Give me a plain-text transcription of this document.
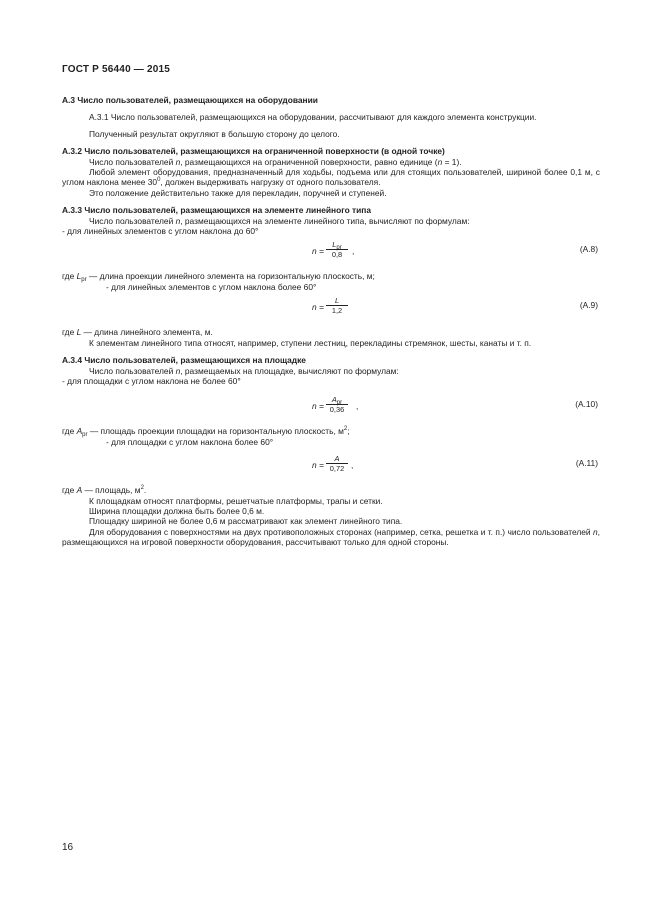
ГОСТ Р 56440 — 2015

А.3 Число пользователей, размещающихся на оборудовании

А.3.1 Число пользователей, размещающихся на оборудовании, рассчитывают для каждого элемента конструкции.

Полученный результат округляют в большую сторону до целого.

А.3.2 Число пользователей, размещающихся на ограниченной поверхности (в одной точке)

Число пользователей n, размещающихся на ограниченной поверхности, равно единице (n = 1).

Любой элемент оборудования, предназначенный для ходьбы, подъема или для стоящих пользователей, шириной более 0,1 м, с углом наклона менее $30^0$, должен выдерживать нагрузку от одного пользователя.

Это положение действительно также для перекладин, поручней и ступеней.

А.3.3 Число пользователей, размещающихся на элементе линейного типа

Число пользователей n, размещающихся на элементе линейного типа, вычисляют по формулам:

- для линейных элементов с углом наклона до 60°

n =
$L_{pr}$
0,8	,	(А.8)

где $L_{pr}$ — длина проекции линейного элемента на горизонтальную плоскость, м;

- для линейных элементов с углом наклона более 60°

$n = \frac{L}{1,2}$	(А.9)

где L — длина линейного элемента, м.

К элементам линейного типа относят, например, ступени лестниц, перекладины стремянок, шесты, канаты и т. п.

А.3.4 Число пользователей, размещающихся на площадке

Число пользователей n, размещаемых на площадке, вычисляют по формулам:

- для площадки с углом наклона не более 60°

n =
$A_{pr}$
0,36	,	(А.10)

где $A_{pr}$ — площадь проекции площадки на горизонтальную плоскость, $м^2$;

- для площадки с углом наклона более 60°

$n = \frac{A}{0,72}$ ,	(А.11)

где A — площадь, $м^2$.

К площадкам относят платформы, решетчатые платформы, трапы и сетки.

Ширина площадки должна быть более 0,6 м.

Площадку шириной не более 0,6 м рассматривают как элемент линейного типа.

Для оборудования с поверхностями на двух противоположных сторонах (например, сетка, решетка и т. п.) число пользователей n, размещающихся на игровой поверхности оборудования, рассчитывают только для одной стороны.

16
